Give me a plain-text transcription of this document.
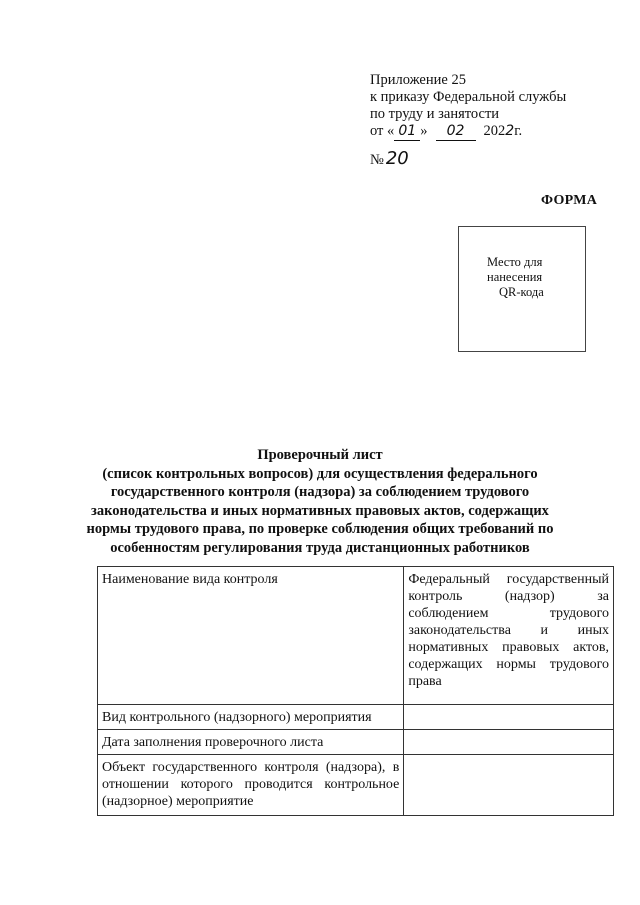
Приложение 25
к приказу Федеральной службы
по труду и занятости
от « 01 » 02 2022г.
№ 20
ФОРМА
Место для
нанесения
QR-кода
Проверочный лист
(список контрольных вопросов) для осуществления федерального
государственного контроля (надзора) за соблюдением трудового
законодательства и иных нормативных правовых актов, содержащих
нормы трудового права, по проверке соблюдения общих требований по
особенностям регулирования труда дистанционных работников
Наименование вида контроля	Федеральный государственный контроль (надзор) за соблюдением трудового законодательства и иных нормативных правовых актов, содержащих нормы трудового права
Вид контрольного (надзорного) мероприятия	
Дата заполнения проверочного листа	
Объект государственного контроля (надзора), в отношении которого проводится контрольное (надзорное) мероприятие	
